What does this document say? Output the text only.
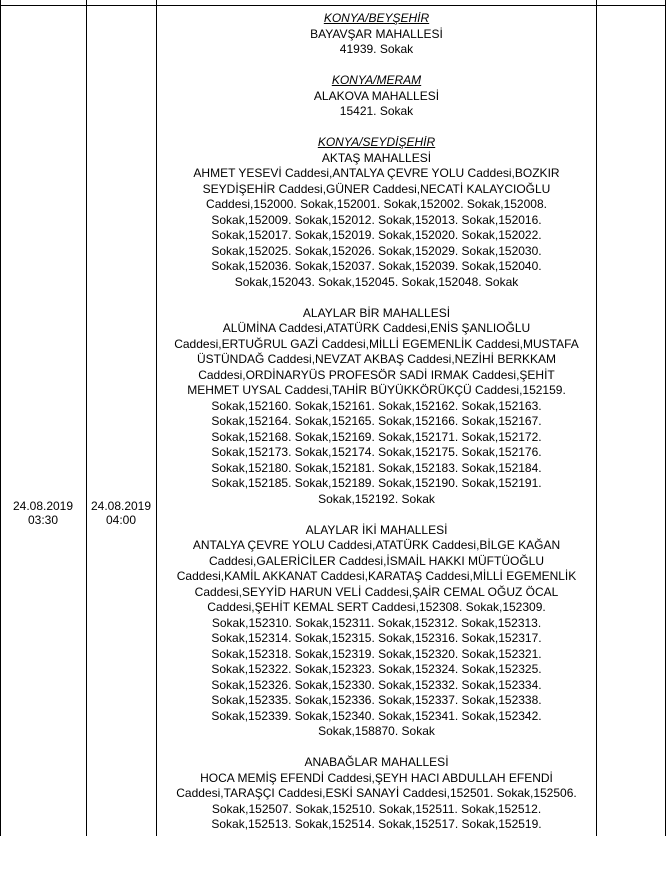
24.08.2019
03:30
24.08.2019
04:00
KONYA/BEYŞEHİR
BAYAVŞAR MAHALLESİ
41939. Sokak
KONYA/MERAM
ALAKOVA MAHALLESİ
15421. Sokak
KONYA/SEYDİŞEHİR
AKTAŞ MAHALLESİ
AHMET YESEVİ Caddesi,ANTALYA ÇEVRE YOLU Caddesi,BOZKIR
SEYDİŞEHİR Caddesi,GÜNER Caddesi,NECATİ KALAYCIOĞLU
Caddesi,152000. Sokak,152001. Sokak,152002. Sokak,152008.
Sokak,152009. Sokak,152012. Sokak,152013. Sokak,152016.
Sokak,152017. Sokak,152019. Sokak,152020. Sokak,152022.
Sokak,152025. Sokak,152026. Sokak,152029. Sokak,152030.
Sokak,152036. Sokak,152037. Sokak,152039. Sokak,152040.
Sokak,152043. Sokak,152045. Sokak,152048. Sokak
ALAYLAR BİR MAHALLESİ
ALÜMİNA Caddesi,ATATÜRK Caddesi,ENİS ŞANLIOĞLU
Caddesi,ERTUĞRUL GAZİ Caddesi,MİLLİ EGEMENLİK Caddesi,MUSTAFA
ÜSTÜNDAĞ Caddesi,NEVZAT AKBAŞ Caddesi,NEZİHİ BERKKAM
Caddesi,ORDİNARYÜS PROFESÖR SADİ IRMAK Caddesi,ŞEHİT
MEHMET UYSAL Caddesi,TAHİR BÜYÜKKÖRÜKÇÜ Caddesi,152159.
Sokak,152160. Sokak,152161. Sokak,152162. Sokak,152163.
Sokak,152164. Sokak,152165. Sokak,152166. Sokak,152167.
Sokak,152168. Sokak,152169. Sokak,152171. Sokak,152172.
Sokak,152173. Sokak,152174. Sokak,152175. Sokak,152176.
Sokak,152180. Sokak,152181. Sokak,152183. Sokak,152184.
Sokak,152185. Sokak,152189. Sokak,152190. Sokak,152191.
Sokak,152192. Sokak
ALAYLAR İKİ MAHALLESİ
ANTALYA ÇEVRE YOLU Caddesi,ATATÜRK Caddesi,BİLGE KAĞAN
Caddesi,GALERİCİLER Caddesi,İSMAİL HAKKI MÜFTÜOĞLU
Caddesi,KAMİL AKKANAT Caddesi,KARATAŞ Caddesi,MİLLİ EGEMENLİK
Caddesi,SEYYİD HARUN VELİ Caddesi,ŞAİR CEMAL OĞUZ ÖCAL
Caddesi,ŞEHİT KEMAL SERT Caddesi,152308. Sokak,152309.
Sokak,152310. Sokak,152311. Sokak,152312. Sokak,152313.
Sokak,152314. Sokak,152315. Sokak,152316. Sokak,152317.
Sokak,152318. Sokak,152319. Sokak,152320. Sokak,152321.
Sokak,152322. Sokak,152323. Sokak,152324. Sokak,152325.
Sokak,152326. Sokak,152330. Sokak,152332. Sokak,152334.
Sokak,152335. Sokak,152336. Sokak,152337. Sokak,152338.
Sokak,152339. Sokak,152340. Sokak,152341. Sokak,152342.
Sokak,158870. Sokak
ANABAĞLAR MAHALLESİ
HOCA MEMİŞ EFENDİ Caddesi,ŞEYH HACI ABDULLAH EFENDİ
Caddesi,TARAŞÇI Caddesi,ESKİ SANAYİ Caddesi,152501. Sokak,152506.
Sokak,152507. Sokak,152510. Sokak,152511. Sokak,152512.
Sokak,152513. Sokak,152514. Sokak,152517. Sokak,152519.
